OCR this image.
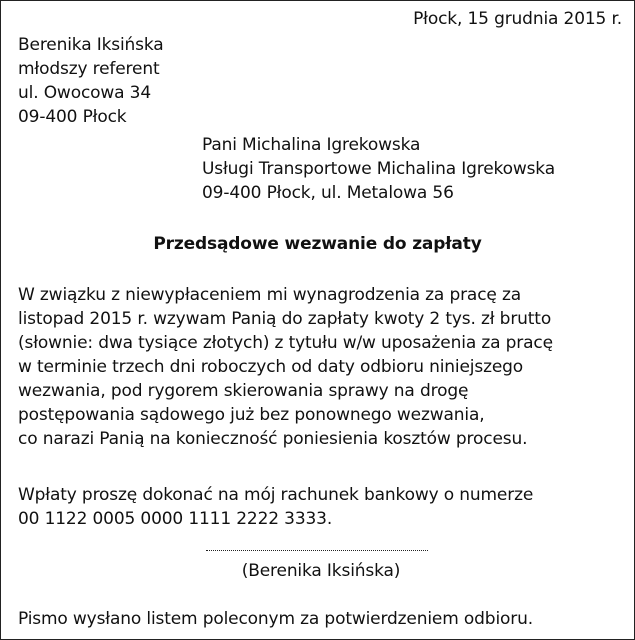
Płock, 15 grudnia 2015 r.
Berenika Iksińska
młodszy referent
ul. Owocowa 34
09-400 Płock
Pani Michalina Igrekowska
Usługi Transportowe Michalina Igrekowska
09-400 Płock, ul. Metalowa 56
Przedsądowe wezwanie do zapłaty
W związku z niewypłaceniem mi wynagrodzenia za pracę za
listopad 2015 r. wzywam Panią do zapłaty kwoty 2 tys. zł brutto
(słownie: dwa tysiące złotych) z tytułu w/w uposażenia za pracę
w terminie trzech dni roboczych od daty odbioru niniejszego
wezwania, pod rygorem skierowania sprawy na drogę
postępowania sądowego już bez ponownego wezwania,
co narazi Panią na konieczność poniesienia kosztów procesu.
Wpłaty proszę dokonać na mój rachunek bankowy o numerze
00 1122 0005 0000 1111 2222 3333.
(Berenika Iksińska)
Pismo wysłano listem poleconym za potwierdzeniem odbioru.
